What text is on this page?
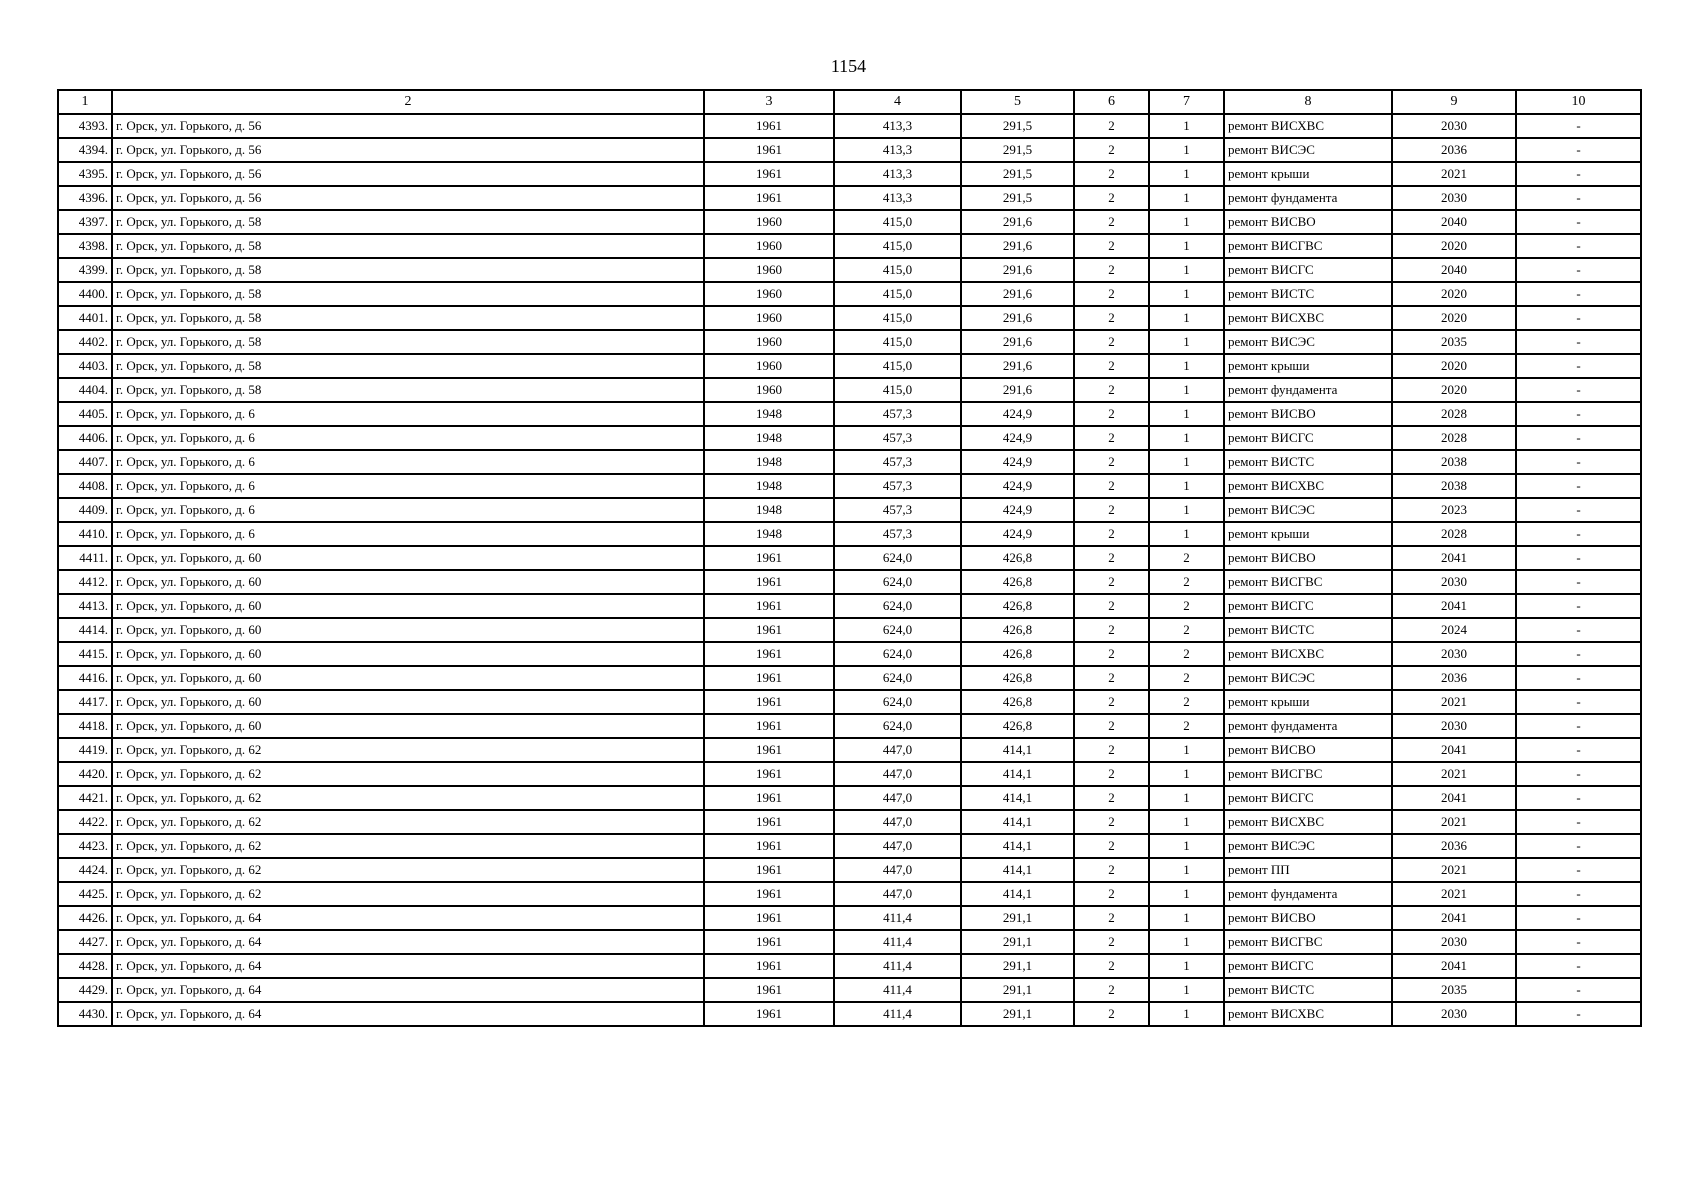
1154
1	2	3	4	5	6	7	8	9	10
4393.	г. Орск, ул. Горького, д. 56	1961	413,3	291,5	2	1	ремонт ВИСХВС	2030	-
4394.	г. Орск, ул. Горького, д. 56	1961	413,3	291,5	2	1	ремонт ВИСЭС	2036	-
4395.	г. Орск, ул. Горького, д. 56	1961	413,3	291,5	2	1	ремонт крыши	2021	-
4396.	г. Орск, ул. Горького, д. 56	1961	413,3	291,5	2	1	ремонт фундамента	2030	-
4397.	г. Орск, ул. Горького, д. 58	1960	415,0	291,6	2	1	ремонт ВИСВО	2040	-
4398.	г. Орск, ул. Горького, д. 58	1960	415,0	291,6	2	1	ремонт ВИСГВС	2020	-
4399.	г. Орск, ул. Горького, д. 58	1960	415,0	291,6	2	1	ремонт ВИСГС	2040	-
4400.	г. Орск, ул. Горького, д. 58	1960	415,0	291,6	2	1	ремонт ВИСТС	2020	-
4401.	г. Орск, ул. Горького, д. 58	1960	415,0	291,6	2	1	ремонт ВИСХВС	2020	-
4402.	г. Орск, ул. Горького, д. 58	1960	415,0	291,6	2	1	ремонт ВИСЭС	2035	-
4403.	г. Орск, ул. Горького, д. 58	1960	415,0	291,6	2	1	ремонт крыши	2020	-
4404.	г. Орск, ул. Горького, д. 58	1960	415,0	291,6	2	1	ремонт фундамента	2020	-
4405.	г. Орск, ул. Горького, д. 6	1948	457,3	424,9	2	1	ремонт ВИСВО	2028	-
4406.	г. Орск, ул. Горького, д. 6	1948	457,3	424,9	2	1	ремонт ВИСГС	2028	-
4407.	г. Орск, ул. Горького, д. 6	1948	457,3	424,9	2	1	ремонт ВИСТС	2038	-
4408.	г. Орск, ул. Горького, д. 6	1948	457,3	424,9	2	1	ремонт ВИСХВС	2038	-
4409.	г. Орск, ул. Горького, д. 6	1948	457,3	424,9	2	1	ремонт ВИСЭС	2023	-
4410.	г. Орск, ул. Горького, д. 6	1948	457,3	424,9	2	1	ремонт крыши	2028	-
4411.	г. Орск, ул. Горького, д. 60	1961	624,0	426,8	2	2	ремонт ВИСВО	2041	-
4412.	г. Орск, ул. Горького, д. 60	1961	624,0	426,8	2	2	ремонт ВИСГВС	2030	-
4413.	г. Орск, ул. Горького, д. 60	1961	624,0	426,8	2	2	ремонт ВИСГС	2041	-
4414.	г. Орск, ул. Горького, д. 60	1961	624,0	426,8	2	2	ремонт ВИСТС	2024	-
4415.	г. Орск, ул. Горького, д. 60	1961	624,0	426,8	2	2	ремонт ВИСХВС	2030	-
4416.	г. Орск, ул. Горького, д. 60	1961	624,0	426,8	2	2	ремонт ВИСЭС	2036	-
4417.	г. Орск, ул. Горького, д. 60	1961	624,0	426,8	2	2	ремонт крыши	2021	-
4418.	г. Орск, ул. Горького, д. 60	1961	624,0	426,8	2	2	ремонт фундамента	2030	-
4419.	г. Орск, ул. Горького, д. 62	1961	447,0	414,1	2	1	ремонт ВИСВО	2041	-
4420.	г. Орск, ул. Горького, д. 62	1961	447,0	414,1	2	1	ремонт ВИСГВС	2021	-
4421.	г. Орск, ул. Горького, д. 62	1961	447,0	414,1	2	1	ремонт ВИСГС	2041	-
4422.	г. Орск, ул. Горького, д. 62	1961	447,0	414,1	2	1	ремонт ВИСХВС	2021	-
4423.	г. Орск, ул. Горького, д. 62	1961	447,0	414,1	2	1	ремонт ВИСЭС	2036	-
4424.	г. Орск, ул. Горького, д. 62	1961	447,0	414,1	2	1	ремонт ПП	2021	-
4425.	г. Орск, ул. Горького, д. 62	1961	447,0	414,1	2	1	ремонт фундамента	2021	-
4426.	г. Орск, ул. Горького, д. 64	1961	411,4	291,1	2	1	ремонт ВИСВО	2041	-
4427.	г. Орск, ул. Горького, д. 64	1961	411,4	291,1	2	1	ремонт ВИСГВС	2030	-
4428.	г. Орск, ул. Горького, д. 64	1961	411,4	291,1	2	1	ремонт ВИСГС	2041	-
4429.	г. Орск, ул. Горького, д. 64	1961	411,4	291,1	2	1	ремонт ВИСТС	2035	-
4430.	г. Орск, ул. Горького, д. 64	1961	411,4	291,1	2	1	ремонт ВИСХВС	2030	-
